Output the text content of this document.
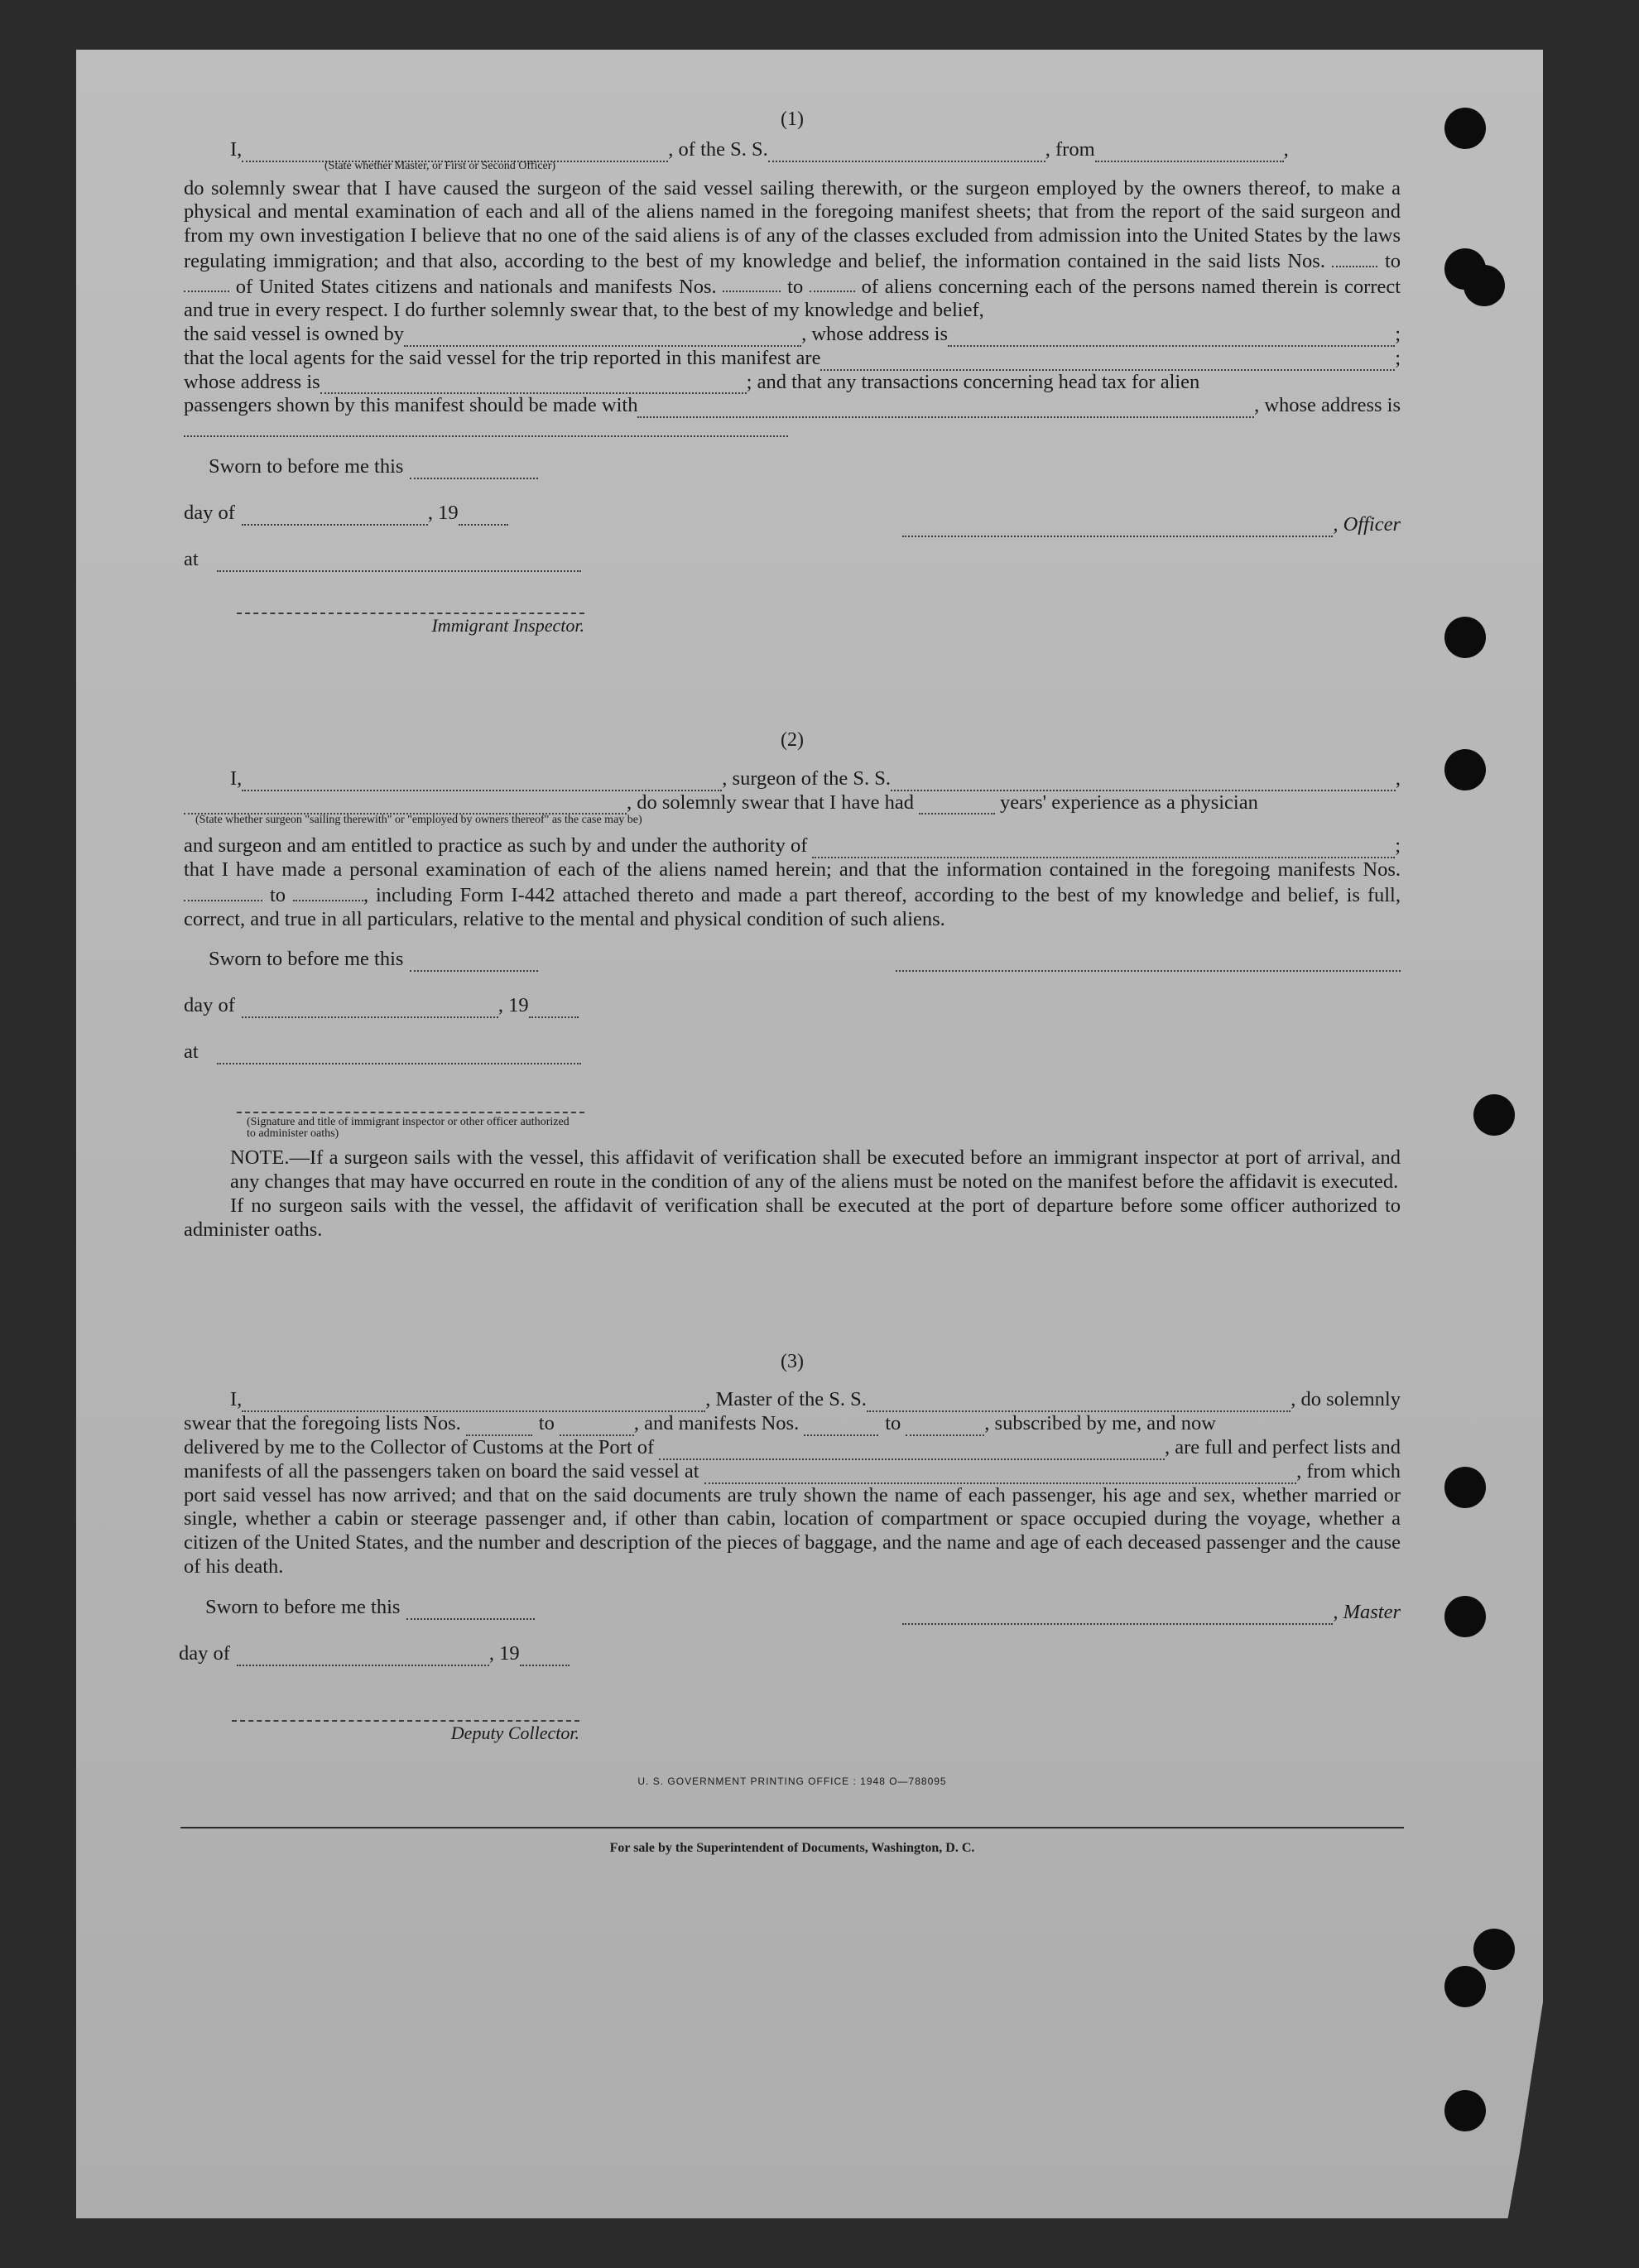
(1)
I,	, of the S. S.	, from	,
(State whether Master, or First or Second Officer)

do solemnly swear that I have caused the surgeon of the said vessel sailing therewith, or the surgeon employed by the owners thereof, to make a physical and mental examination of each and all of the aliens named in the foregoing manifest sheets; that from the report of the said surgeon and from my own investigation I believe that no one of the said aliens is of any of the classes excluded from admission into the United States by the laws regulating immigration; and that also, according to the best of my knowledge and belief, the information contained in the said lists Nos.	to  of United States citizens and nationals and manifests Nos.	to	of aliens concerning each of the persons named therein is correct and true in every respect. I do further solemnly swear that, to the best of my knowledge and belief,

the said vessel is owned by	, whose address is	;
that the local agents for the said vessel for the trip reported in this manifest are	;
whose address is	; and that any transactions concerning head tax for alien
passengers shown by this manifest should be made with	, whose address is
Sworn to before me this
day of	, 19
at
, Officer
Immigrant Inspector.
(2)
I,	, surgeon of the S. S.	,
, do solemnly swear that I have had	years' experience as a physician
(State whether surgeon "sailing therewith" or "employed by owners thereof" as the case may be)
and surgeon and am entitled to practice as such by and under the authority of	;

that I have made a personal examination of each of the aliens named herein; and that the information contained in the foregoing manifests Nos.  to	, including Form I-442 attached thereto and made a part thereof, according to the best of my knowledge and belief, is full, correct, and true in all particulars, relative to the mental and physical condition of such aliens.

Sworn to before me this
day of	, 19
at
(Signature and title of immigrant inspector or other officer authorized to administer oaths)

NOTE.—If a surgeon sails with the vessel, this affidavit of verification shall be executed before an immigrant inspector at port of arrival, and any changes that may have occurred en route in the condition of any of the aliens must be noted on the manifest before the affidavit is executed.

If no surgeon sails with the vessel, the affidavit of verification shall be executed at the port of departure before some officer authorized to administer oaths.

(3)
I,	, Master of the S. S.	, do solemnly
swear that the foregoing lists Nos.	to	, and manifests Nos.	to	, subscribed by me, and now
delivered by me to the Collector of Customs at the Port of	, are full and perfect lists and
manifests of all the passengers taken on board the said vessel at	, from which

port said vessel has now arrived; and that on the said documents are truly shown the name of each passenger, his age and sex, whether married or single, whether a cabin or steerage passenger and, if other than cabin, location of compartment or space occupied during the voyage, whether a citizen of the United States, and the number and description of the pieces of baggage, and the name and age of each deceased passenger and the cause of his death.

Sworn to before me this	, Master
day of	, 19
Deputy Collector.
U. S. GOVERNMENT PRINTING OFFICE : 1948 O—788095
For sale by the Superintendent of Documents, Washington, D. C.
